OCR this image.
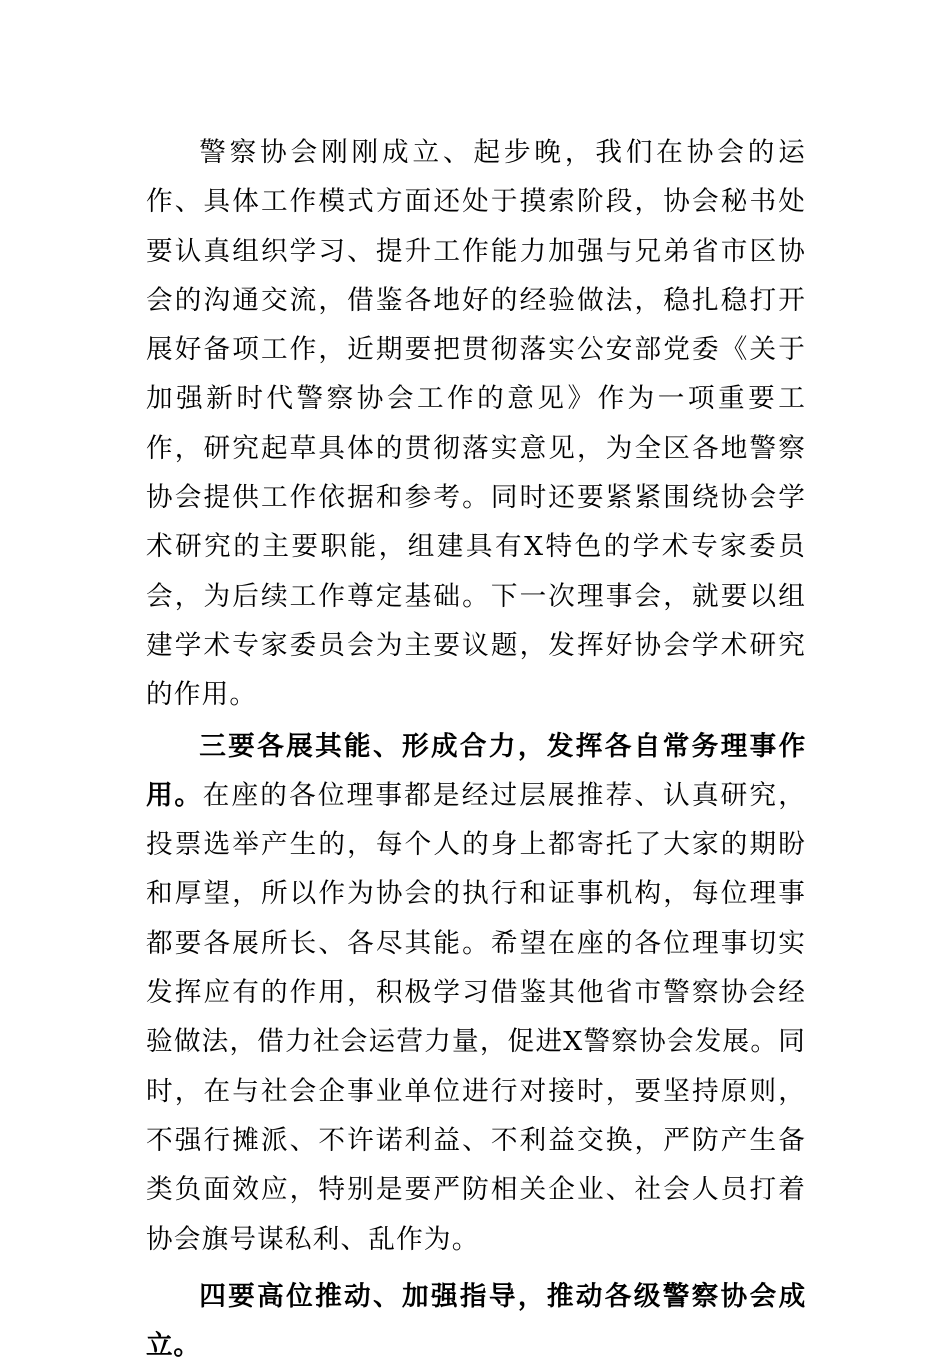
警察协会刚刚成立、起步晚，我们在协会的运作、具体工作模式方面还处于摸索阶段，协会秘书处要认真组织学习、提升工作能力加强与兄弟省市区协会的沟通交流，借鉴各地好的经验做法，稳扎稳打开展好备项工作，近期要把贯彻落实公安部党委《关于加强新时代警察协会工作的意见》作为一项重要工作，研究起草具体的贯彻落实意见，为全区各地警察协会提供工作依据和参考。同时还要紧紧围绕协会学术研究的主要职能，组建具有X特色的学术专家委员会，为后续工作尊定基础。下一次理事会，就要以组建学术专家委员会为主要议题，发挥好协会学术研究的作用。

三要各展其能、形成合力，发挥各自常务理事作用。在座的各位理事都是经过层展推荐、认真研究，投票选举产生的，每个人的身上都寄托了大家的期盼和厚望，所以作为协会的执行和证事机构，每位理事都要各展所长、各尽其能。希望在座的各位理事切实发挥应有的作用，积极学习借鉴其他省市警察协会经验做法，借力社会运营力量，促进X警察协会发展。同时，在与社会企事业单位进行对接时，要坚持原则，不强行摊派、不许诺利益、不利益交换，严防产生备类负面效应，特别是要严防相关企业、社会人员打着协会旗号谋私利、乱作为。

四要高位推动、加强指导，推动各级警察协会成立。
